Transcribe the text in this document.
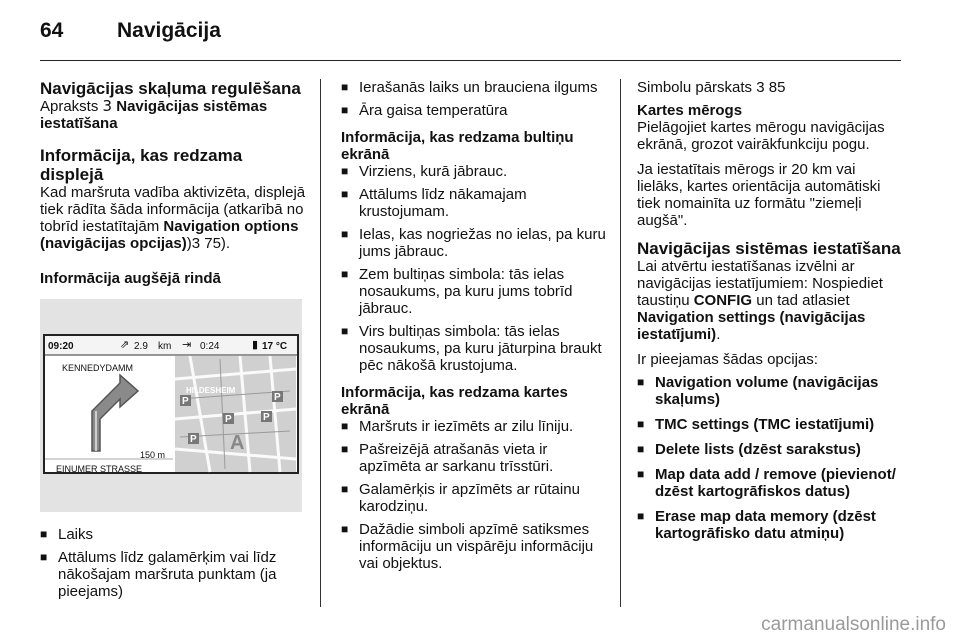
64	Navigācija
Navigācijas skaļuma regulēšana

Apraksts 3 Navigācijas sistēmas iestatīšana

Informācija, kas redzama displejā

Kad maršruta vadība aktivizēta, displejā tiek rādīta šāda informācija (atkarībā no tobrīd iestatītajām Navigation options (navigācijas opcijas))3 75).

Informācija augšējā rindā
P
P
P
P
P
A
09:20	⇗ 2.9 km ⇥ 0:24	▮ 17 °C
KENNEDYDAMM
HILDESHEIM
150 m
EINUMER STRASSE
■ Laiks
■ Attālums līdz galamērķim vai līdz nākošajam maršruta punktam (ja pieejams)
■ Ierašanās laiks un brauciena ilgums
■ Āra gaisa temperatūra
Informācija, kas redzama bultiņu ekrānā
■ Virziens, kurā jābrauc.
■ Attālums līdz nākamajam krustojumam.
■ Ielas, kas nogriežas no ielas, pa kuru jums jābrauc.
■ Zem bultiņas simbola: tās ielas nosaukums, pa kuru jums tobrīd jābrauc.
■ Virs bultiņas simbola: tās ielas nosaukums, pa kuru jāturpina braukt pēc nākošā krustojuma.
Informācija, kas redzama kartes ekrānā
■ Maršruts ir iezīmēts ar zilu līniju.
■ Pašreizējā atrašanās vieta ir apzīmēta ar sarkanu trīsstūri.
■ Galamērķis ir apzīmēts ar rūtainu karodziņu.
■ Dažādie simboli apzīmē satiksmes informāciju un vispārēju informāciju vai objektus.

Simbolu pārskats 3 85

Kartes mērogs

Pielāgojiet kartes mērogu navigācijas ekrānā, grozot vairākfunkciju pogu.

Ja iestatītais mērogs ir 20 km vai lielāks, kartes orientācija automātiski tiek nomainīta uz formātu "ziemeļi augšā".

Navigācijas sistēmas iestatīšana

Lai atvērtu iestatīšanas izvēlni ar navigācijas iestatījumiem: Nospiediet taustiņu CONFIG un tad atlasiet Navigation settings (navigācijas iestatījumi).

Ir pieejamas šādas opcijas:

■ Navigation volume (navigācijas skaļums)
■ TMC settings (TMC iestatījumi)
■ Delete lists (dzēst sarakstus)
■ Map data add / remove (pievienot/ dzēst kartogrāfiskos datus)
■ Erase map data memory (dzēst kartogrāfisko datu atmiņu)
carmanualsonline.info
